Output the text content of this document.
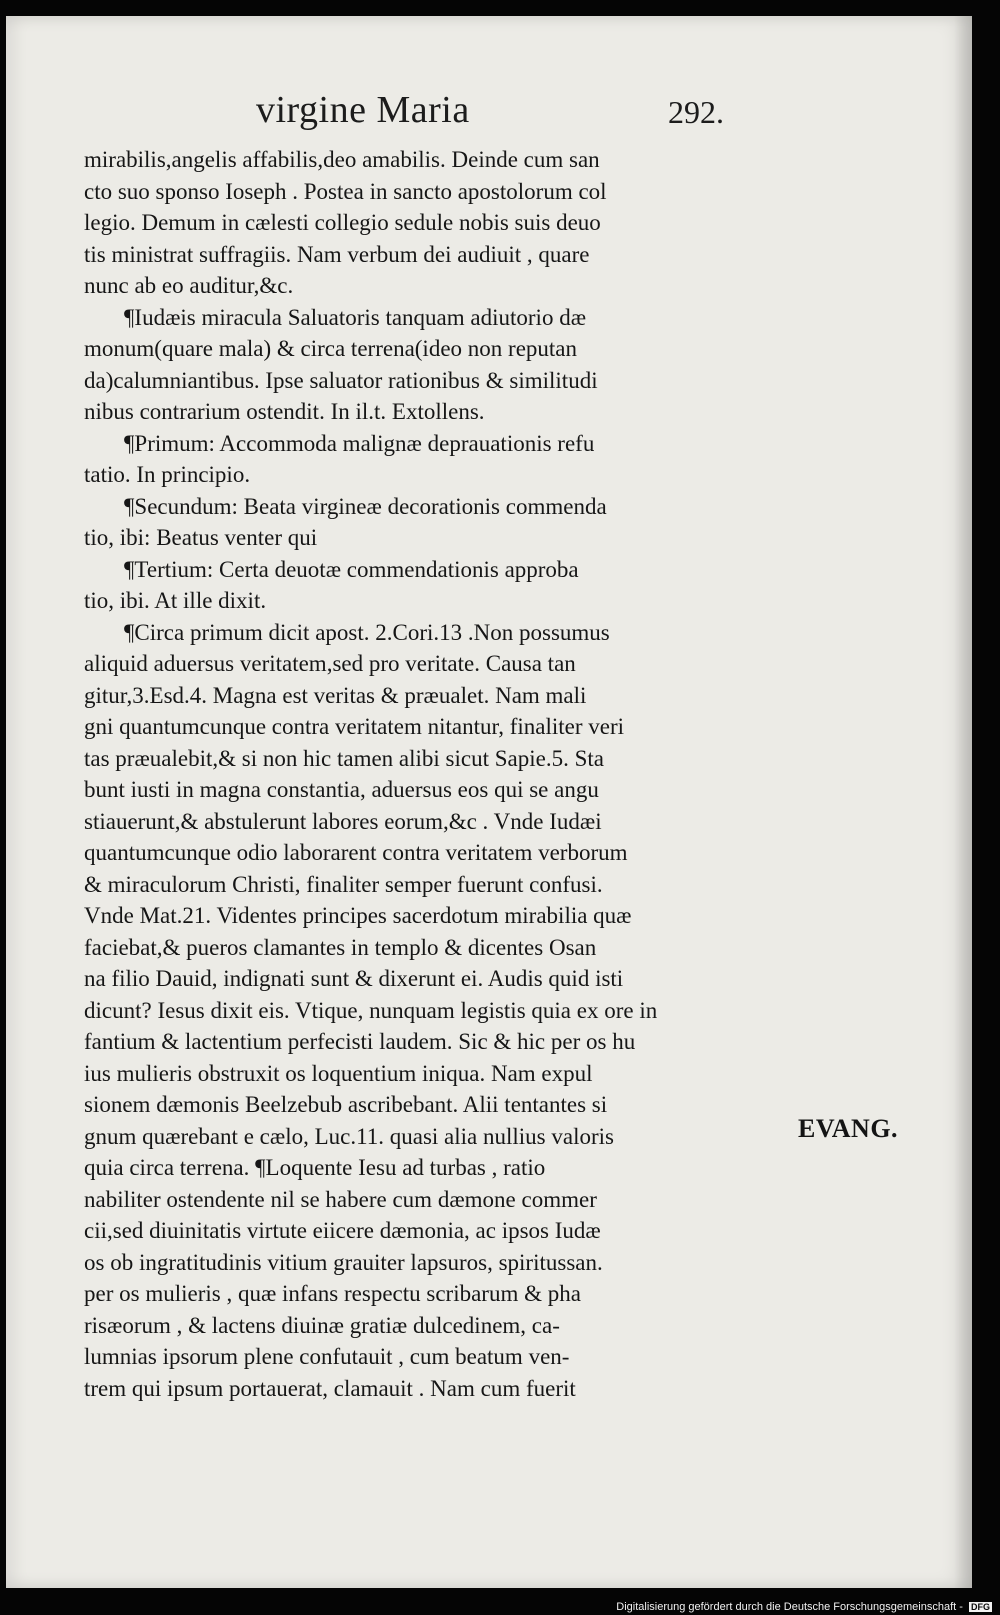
virgine Maria	292.
mirabilis,angelis affabilis,deo amabilis. Deinde cum san
cto suo sponso Ioseph . Postea in sancto apostolorum col
legio. Demum in cælesti collegio sedule nobis suis deuo
tis ministrat suffragiis. Nam verbum dei audiuit , quare
nunc ab eo auditur,&c.
¶Iudæis miracula Saluatoris tanquam adiutorio dæ
monum(quare mala) & circa terrena(ideo non reputan
da)calumniantibus. Ipse saluator rationibus & similitudi
nibus contrarium ostendit. In il.t. Extollens.
¶Primum: Accommoda malignæ deprauationis refu
tatio. In principio.
¶Secundum: Beata virgineæ decorationis commenda
tio, ibi: Beatus venter qui
¶Tertium: Certa deuotæ commendationis approba
tio, ibi. At ille dixit.
¶Circa primum dicit apost. 2.Cori.13 .Non possumus
aliquid aduersus veritatem,sed pro veritate. Causa tan
gitur,3.Esd.4. Magna est veritas & præualet. Nam mali
gni quantumcunque contra veritatem nitantur, finaliter veri
tas præualebit,& si non hic tamen alibi sicut Sapie.5. Sta
bunt iusti in magna constantia, aduersus eos qui se angu
stiauerunt,& abstulerunt labores eorum,&c . Vnde Iudæi
quantumcunque odio laborarent contra veritatem verborum
& miraculorum Christi, finaliter semper fuerunt confusi.
Vnde Mat.21. Videntes principes sacerdotum mirabilia quæ
faciebat,& pueros clamantes in templo & dicentes Osan
na filio Dauid, indignati sunt & dixerunt ei. Audis quid isti
dicunt? Iesus dixit eis. Vtique, nunquam legistis quia ex ore in
fantium & lactentium perfecisti laudem. Sic & hic per os hu
ius mulieris obstruxit os loquentium iniqua. Nam expul
sionem dæmonis Beelzebub ascribebant. Alii tentantes si
gnum quærebant e cælo, Luc.11. quasi alia nullius valoris
quia circa terrena. ¶Loquente Iesu ad turbas , ratio
nabiliter ostendente nil se habere cum dæmone commer
cii,sed diuinitatis virtute eiicere dæmonia, ac ipsos Iudæ
os ob ingratitudinis vitium grauiter lapsuros, spiritussan.
per os mulieris , quæ infans respectu scribarum & pha
risæorum , & lactens diuinæ gratiæ dulcedinem, ca-
lumnias ipsorum plene confutauit , cum beatum ven-
trem qui ipsum portauerat, clamauit . Nam cum fuerit
EVANG.
Digitalisierung gefördert durch die Deutsche Forschungsgemeinschaft - DFG
